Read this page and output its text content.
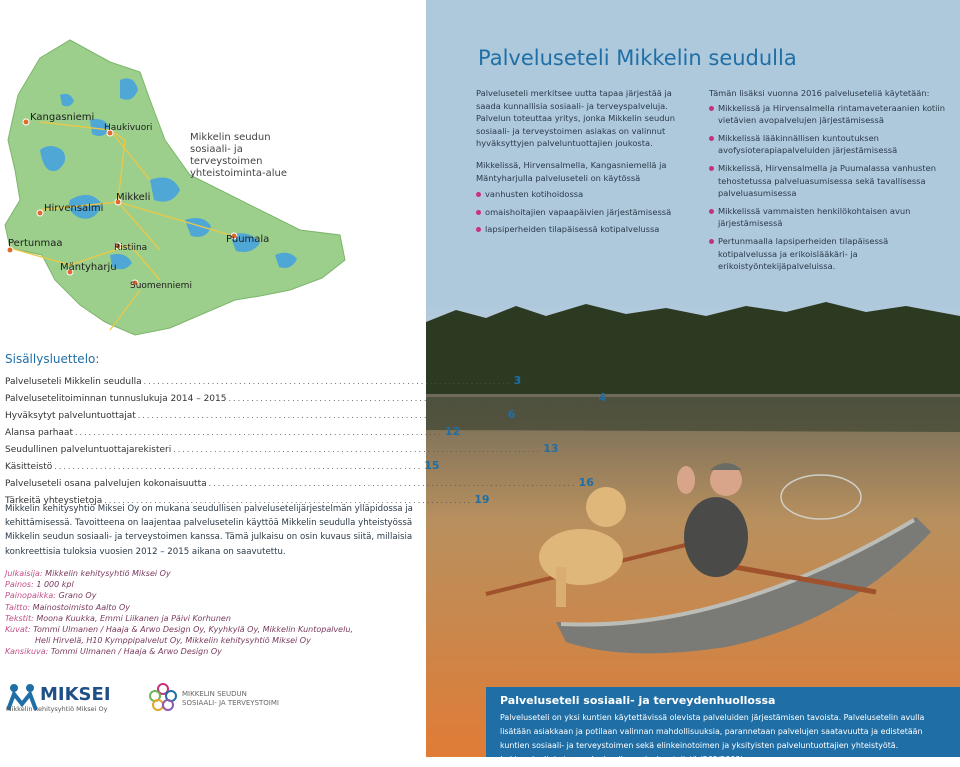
Kangasniemi
Haukivuori
Hirvensalmi
Mikkeli
Pertunmaa	Ristiina
Puumala
Mäntyharju
Suomenniemi
Mikkelin seudun
sosiaali- ja terveystoimen
yhteistoiminta-alue
Palveluseteli Mikkelin seudulla

Palveluseteli merkitsee uutta tapaa järjestää ja saada kunnallisia sosiaali- ja terveyspalveluja. Palvelun toteuttaa yritys, jonka Mikkelin seudun sosiaali- ja terveystoimen asiakas on valinnut hyväksyttyjen palveluntuottajien joukosta.

Mikkelissä, Hirvensalmella, Kangasniemellä ja Mäntyharjulla palveluseteli on käytössä

vanhusten kotihoidossa
omaishoitajien vapaapäivien järjestämisessä
lapsiperheiden tilapäisessä kotipalvelussa

Tämän lisäksi vuonna 2016 palveluseteliä käytetään:

Mikkelissä ja Hirvensalmella rintamaveteraanien kotiin vietävien avopalvelujen järjestämisessä
Mikkelissä lääkinnällisen kuntoutuksen avofysioterapiapalveluiden järjestämisessä
Mikkelissä, Hirvensalmella ja Puumalassa vanhusten tehostetussa palveluasumisessa sekä tavallisessa palveluasumisessa
Mikkelissä vammaisten henkilökohtaisen avun järjestämisessä
Pertunmaalla lapsiperheiden tilapäisessä kotipalvelussa ja erikoislääkäri- ja erikoistyöntekijäpalveluissa.
Sisällysluettelo:
Palveluseteli Mikkelin seudulla ................................................................................. 3
Palvelusetelitoiminnan tunnuslukuja 2014 – 2015 ................................................................................. 4
Hyväksytyt palveluntuottajat ................................................................................. 6
Alansa parhaat ................................................................................. 12
Seudullinen palveluntuottajarekisteri ................................................................................. 13
Käsitteistö ................................................................................. 15
Palveluseteli osana palvelujen kokonaisuutta ................................................................................. 16
Tärkeitä yhteystietoja ................................................................................. 19
Mikkelin kehitysyhtiö Miksei Oy on mukana seudullisen palvelusetelijärjestelmän ylläpidossa ja kehittämisessä. Tavoitteena on laajentaa palvelusetelin käyttöä Mikkelin seudulla yhteistyössä Mikkelin seudun sosiaali- ja terveystoimen kanssa. Tämä julkaisu on osin kuvaus siitä, millaisia konkreettisia tuloksia vuosien 2012 – 2015 aikana on saavutettu.
Julkaisija: Mikkelin kehitysyhtiö Miksei Oy
Painos: 1 000 kpl
Painopaikka: Grano Oy
Taitto: Mainostoimisto Aalto Oy
Tekstit: Moona Kuukka, Emmi Liikanen ja Päivi Korhunen
Kuvat: Tommi Ulmanen / Haaja & Arwo Design Oy, Kyyhkylä Oy, Mikkelin Kuntopalvelu,
Heli Hirvelä, H10 Kymppipalvelut Oy, Mikkelin kehitysyhtiö Miksei Oy
Kansikuva: Tommi Ulmanen / Haaja & Arwo Design Oy
MIKSEI
Mikkelin kehitysyhtiö Miksei Oy
MIKKELIN SEUDUN
SOSIAALI- JA TERVEYSTOIMI	Palveluseteli sosiaali- ja terveydenhuollossa
Palveluseteli on yksi kuntien käytettävissä olevista palveluiden järjestämisen tavoista. Palvelusetelin avulla lisätään asiakkaan ja potilaan valinnan mahdollisuuksia, parannetaan palvelujen saatavuutta ja edistetään kuntien sosiaali- ja terveystoimen sekä elinkeinotoimen ja yksityisten palveluntuottajien yhteistyötä.
Laki sosiaali- ja terveydenhuollon palvelusetelistä (569/2009)
